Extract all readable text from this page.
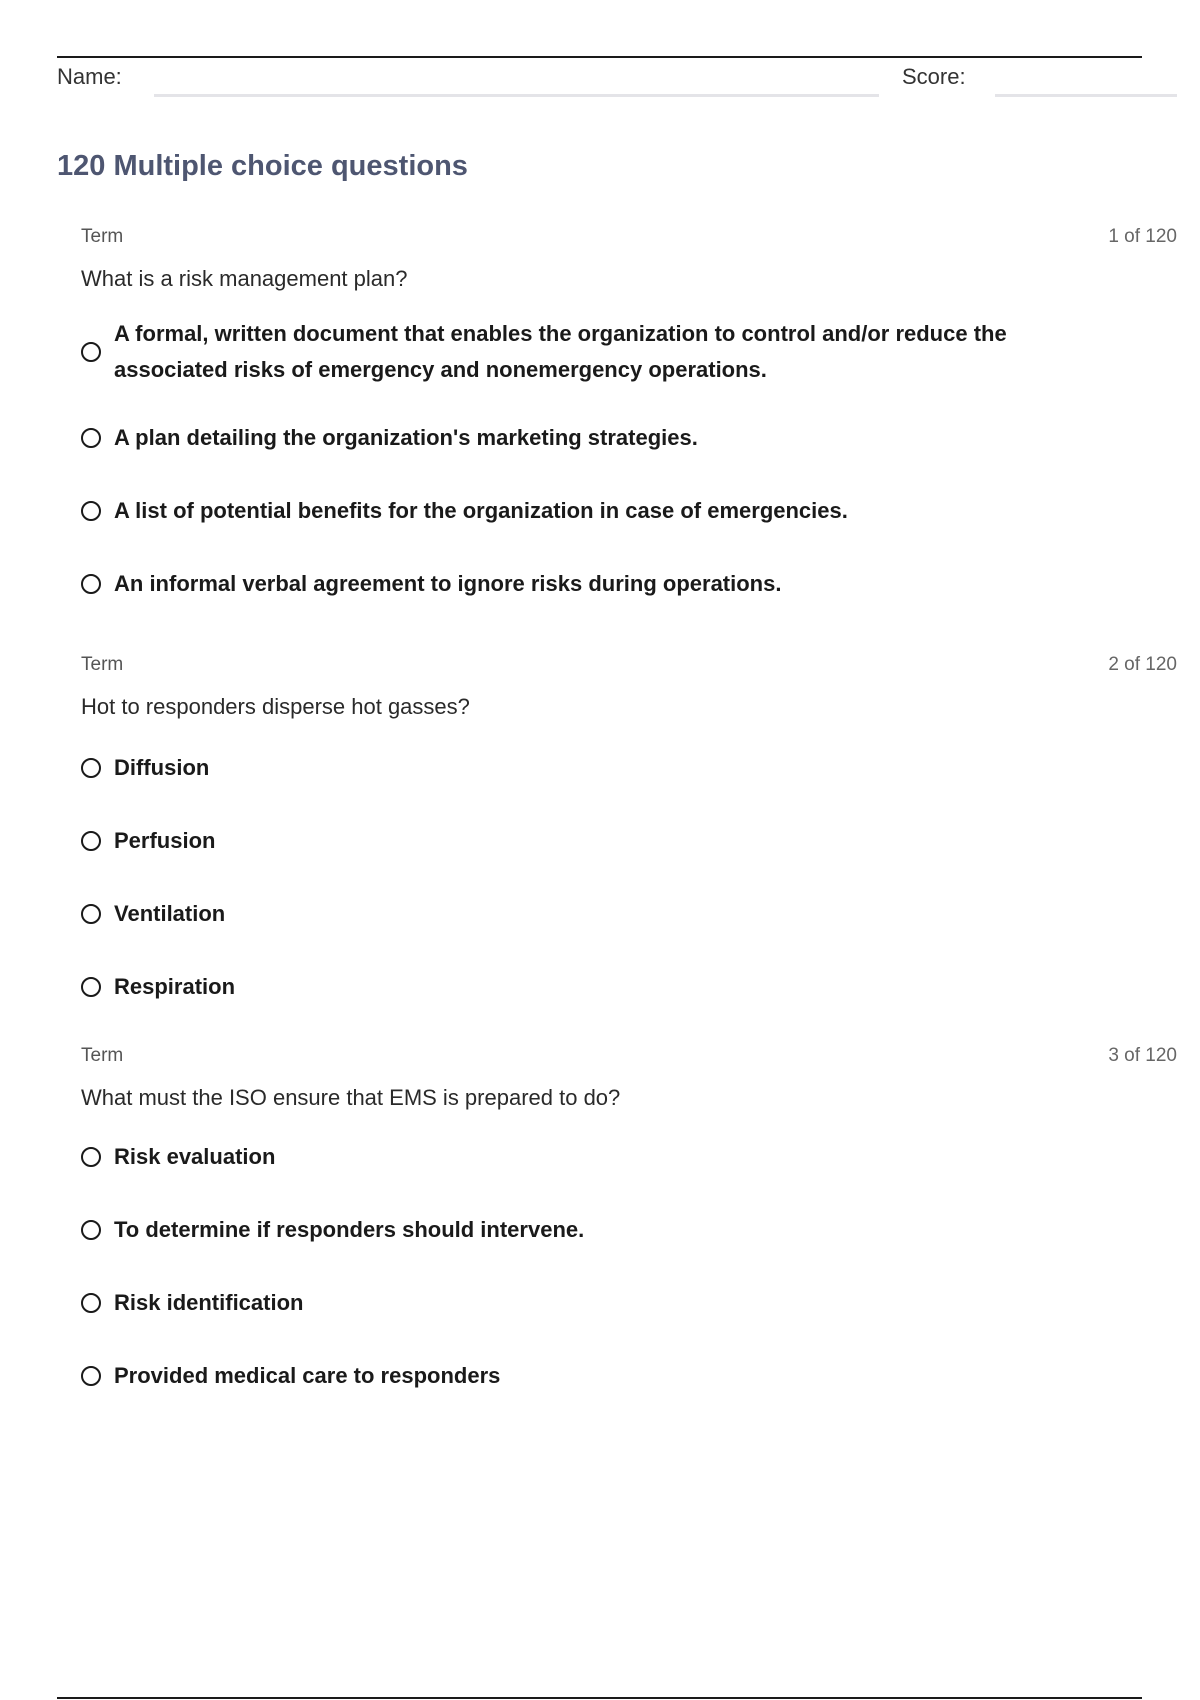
Name:	Score:
120 Multiple choice questions
Term	1 of 120
What is a risk management plan?
A formal, written document that enables the organization to control and/or reduce the associated risks of emergency and nonemergency operations.
A plan detailing the organization's marketing strategies.
A list of potential benefits for the organization in case of emergencies.
An informal verbal agreement to ignore risks during operations.
Term	2 of 120
Hot to responders disperse hot gasses?
Diffusion
Perfusion
Ventilation
Respiration
Term	3 of 120
What must the ISO ensure that EMS is prepared to do?
Risk evaluation
To determine if responders should intervene.
Risk identification
Provided medical care to responders
